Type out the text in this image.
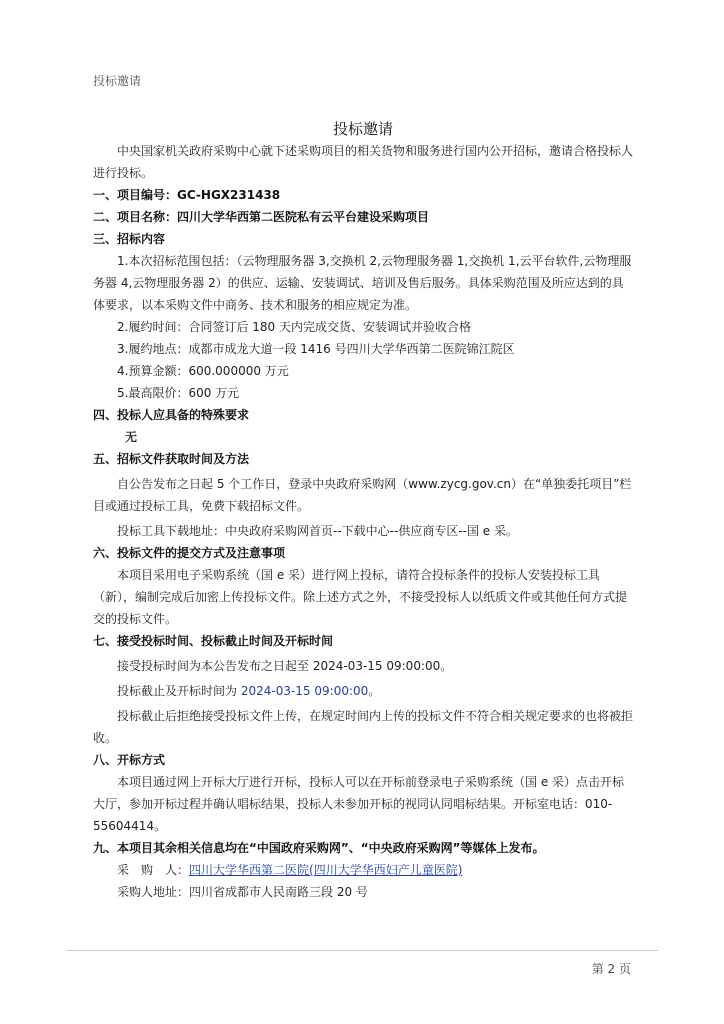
投标邀请

投标邀请

中央国家机关政府采购中心就下述采购项目的相关货物和服务进行国内公开招标，邀请合格投标人进行投标。

一、项目编号：GC-HGX231438

二、项目名称：四川大学华西第二医院私有云平台建设采购项目

三、招标内容

1.本次招标范围包括：（云物理服务器 3,交换机 2,云物理服务器 1,交换机 1,云平台软件,云物理服务器 4,云物理服务器 2）的供应、运输、安装调试、培训及售后服务。具体采购范围及所应达到的具体要求，以本采购文件中商务、技术和服务的相应规定为准。

2.履约时间：合同签订后 180 天内完成交货、安装调试并验收合格

3.履约地点：成都市成龙大道一段 1416 号四川大学华西第二医院锦江院区

4.预算金额：600.000000 万元

5.最高限价：600 万元

四、投标人应具备的特殊要求

无

五、招标文件获取时间及方法

自公告发布之日起 5 个工作日，登录中央政府采购网（www.zycg.gov.cn）在“单独委托项目”栏目或通过投标工具，免费下载招标文件。

投标工具下载地址：中央政府采购网首页--下载中心--供应商专区--国 e 采。

六、投标文件的提交方式及注意事项

本项目采用电子采购系统（国 e 采）进行网上投标，请符合投标条件的投标人安装投标工具（新），编制完成后加密上传投标文件。除上述方式之外，不接受投标人以纸质文件或其他任何方式提交的投标文件。

七、接受投标时间、投标截止时间及开标时间

接受投标时间为本公告发布之日起至 2024-03-15 09:00:00。

投标截止及开标时间为 2024-03-15 09:00:00。

投标截止后拒绝接受投标文件上传，在规定时间内上传的投标文件不符合相关规定要求的也将被拒收。

八、开标方式

本项目通过网上开标大厅进行开标，投标人可以在开标前登录电子采购系统（国 e 采）点击开标大厅，参加开标过程并确认唱标结果，投标人未参加开标的视同认同唱标结果。开标室电话：010-55604414。

九、本项目其余相关信息均在“中国政府采购网”、“中央政府采购网”等媒体上发布。

采　购　人：四川大学华西第二医院(四川大学华西妇产儿童医院)

采购人地址：四川省成都市人民南路三段 20 号

第 2 页
